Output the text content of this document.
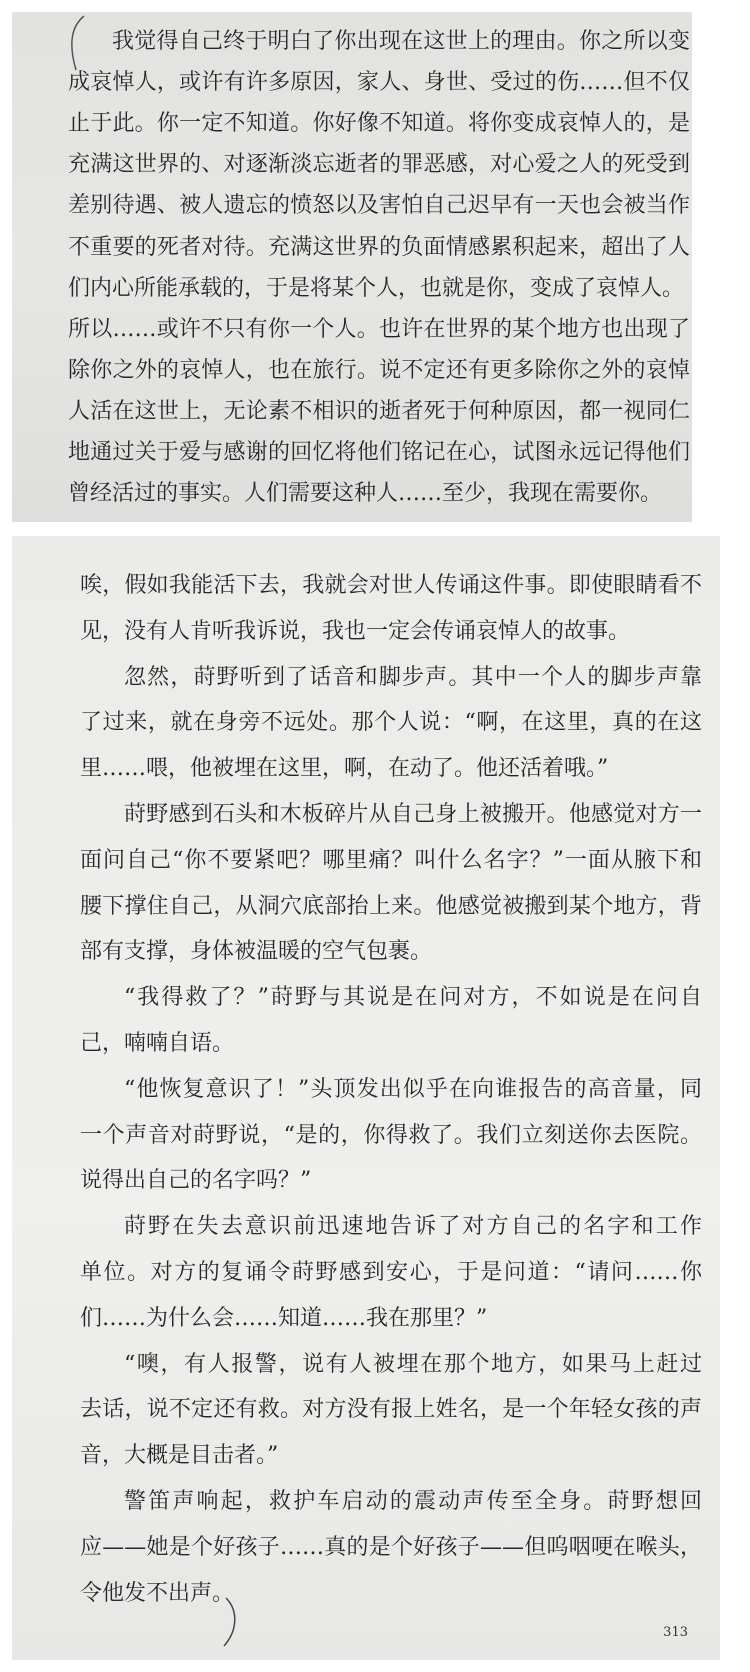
我觉得自己终于明白了你出现在这世上的理由。你之所以变
成哀悼人，或许有许多原因，家人、身世、受过的伤……但不仅
止于此。你一定不知道。你好像不知道。将你变成哀悼人的，是
充满这世界的、对逐渐淡忘逝者的罪恶感，对心爱之人的死受到
差别待遇、被人遗忘的愤怒以及害怕自己迟早有一天也会被当作
不重要的死者对待。充满这世界的负面情感累积起来，超出了人
们内心所能承载的，于是将某个人，也就是你，变成了哀悼人。
所以……或许不只有你一个人。也许在世界的某个地方也出现了
除你之外的哀悼人，也在旅行。说不定还有更多除你之外的哀悼
人活在这世上，无论素不相识的逝者死于何种原因，都一视同仁
地通过关于爱与感谢的回忆将他们铭记在心，试图永远记得他们
曾经活过的事实。人们需要这种人……至少，我现在需要你。
313
唉，假如我能活下去，我就会对世人传诵这件事。即使眼睛看不
见，没有人肯听我诉说，我也一定会传诵哀悼人的故事。
忽然，莳野听到了话音和脚步声。其中一个人的脚步声靠
了过来，就在身旁不远处。那个人说：“啊，在这里，真的在这
里……喂，他被埋在这里，啊，在动了。他还活着哦。”
莳野感到石头和木板碎片从自己身上被搬开。他感觉对方一
面问自己“你不要紧吧？哪里痛？叫什么名字？”一面从腋下和
腰下撑住自己，从洞穴底部抬上来。他感觉被搬到某个地方，背
部有支撑，身体被温暖的空气包裹。
“我得救了？”莳野与其说是在问对方，不如说是在问自
己，喃喃自语。
“他恢复意识了！”头顶发出似乎在向谁报告的高音量，同
一个声音对莳野说，“是的，你得救了。我们立刻送你去医院。
说得出自己的名字吗？”
莳野在失去意识前迅速地告诉了对方自己的名字和工作
单位。对方的复诵令莳野感到安心，于是问道：“请问……你
们……为什么会……知道……我在那里？”
“噢，有人报警，说有人被埋在那个地方，如果马上赶过
去话，说不定还有救。对方没有报上姓名，是一个年轻女孩的声
音，大概是目击者。”
警笛声响起，救护车启动的震动声传至全身。莳野想回
应——她是个好孩子……真的是个好孩子——但呜咽哽在喉头，
令他发不出声。
